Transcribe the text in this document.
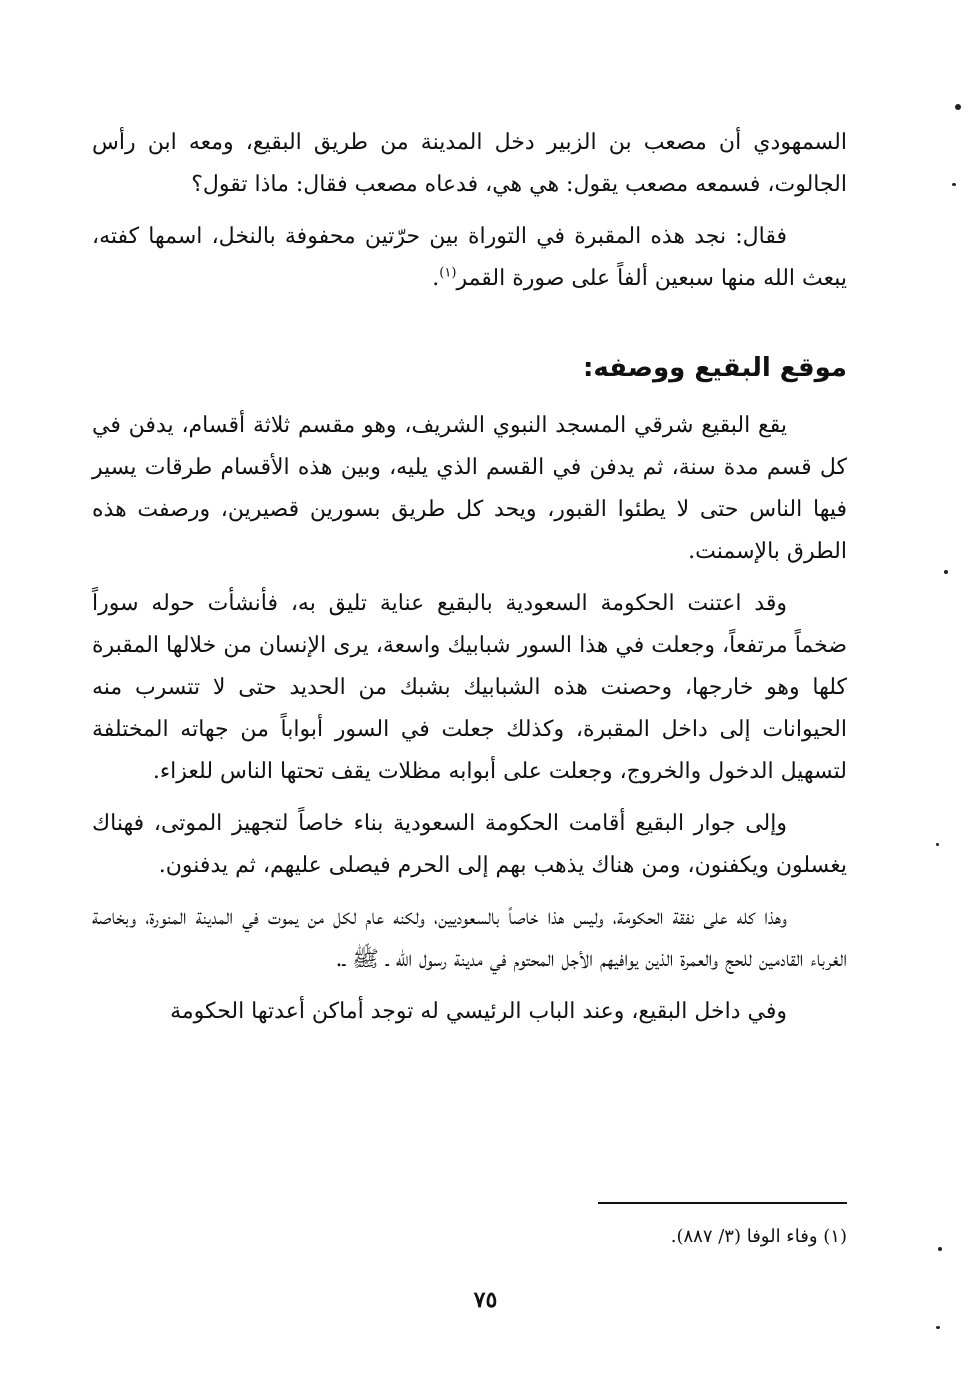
السمهودي أن مصعب بن الزبير دخل المدينة من طريق البقيع، ومعه ابن رأس الجالوت، فسمعه مصعب يقول: هي هي، فدعاه مصعب فقال: ماذا تقول؟

فقال: نجد هذه المقبرة في التوراة بين حرّتين محفوفة بالنخل، اسمها كفته، يبعث الله منها سبعين ألفاً على صورة القمر$^{(١)}$.

موقع البقيع ووصفه:

يقع البقيع شرقي المسجد النبوي الشريف، وهو مقسم ثلاثة أقسام، يدفن في كل قسم مدة سنة، ثم يدفن في القسم الذي يليه، وبين هذه الأقسام طرقات يسير فيها الناس حتى لا يطئوا القبور، ويحد كل طريق بسورين قصيرين، ورصفت هذه الطرق بالإسمنت.

وقد اعتنت الحكومة السعودية بالبقيع عناية تليق به، فأنشأت حوله سوراً ضخماً مرتفعاً، وجعلت في هذا السور شبابيك واسعة، يرى الإنسان من خلالها المقبرة كلها وهو خارجها، وحصنت هذه الشبابيك بشبك من الحديد حتى لا تتسرب منه الحيوانات إلى داخل المقبرة، وكذلك جعلت في السور أبواباً من جهاته المختلفة لتسهيل الدخول والخروج، وجعلت على أبوابه مظلات يقف تحتها الناس للعزاء.

وإلى جوار البقيع أقامت الحكومة السعودية بناء خاصاً لتجهيز الموتى، فهناك يغسلون ويكفنون، ومن هناك يذهب بهم إلى الحرم فيصلى عليهم، ثم يدفنون.

وهذا كله على نفقة الحكومة، وليس هذا خاصاً بالسعوديين، ولكنه عام لكل من يموت في المدينة المنورة، وبخاصة الغرباء القادمين للحج والعمرة الذين يوافيهم الأجل المحتوم في مدينة رسول الله ـ ﷺ ـ.

وفي داخل البقيع، وعند الباب الرئيسي له توجد أماكن أعدتها الحكومة

(١) وفاء الوفا (٣/ ٨٨٧).
٧٥
